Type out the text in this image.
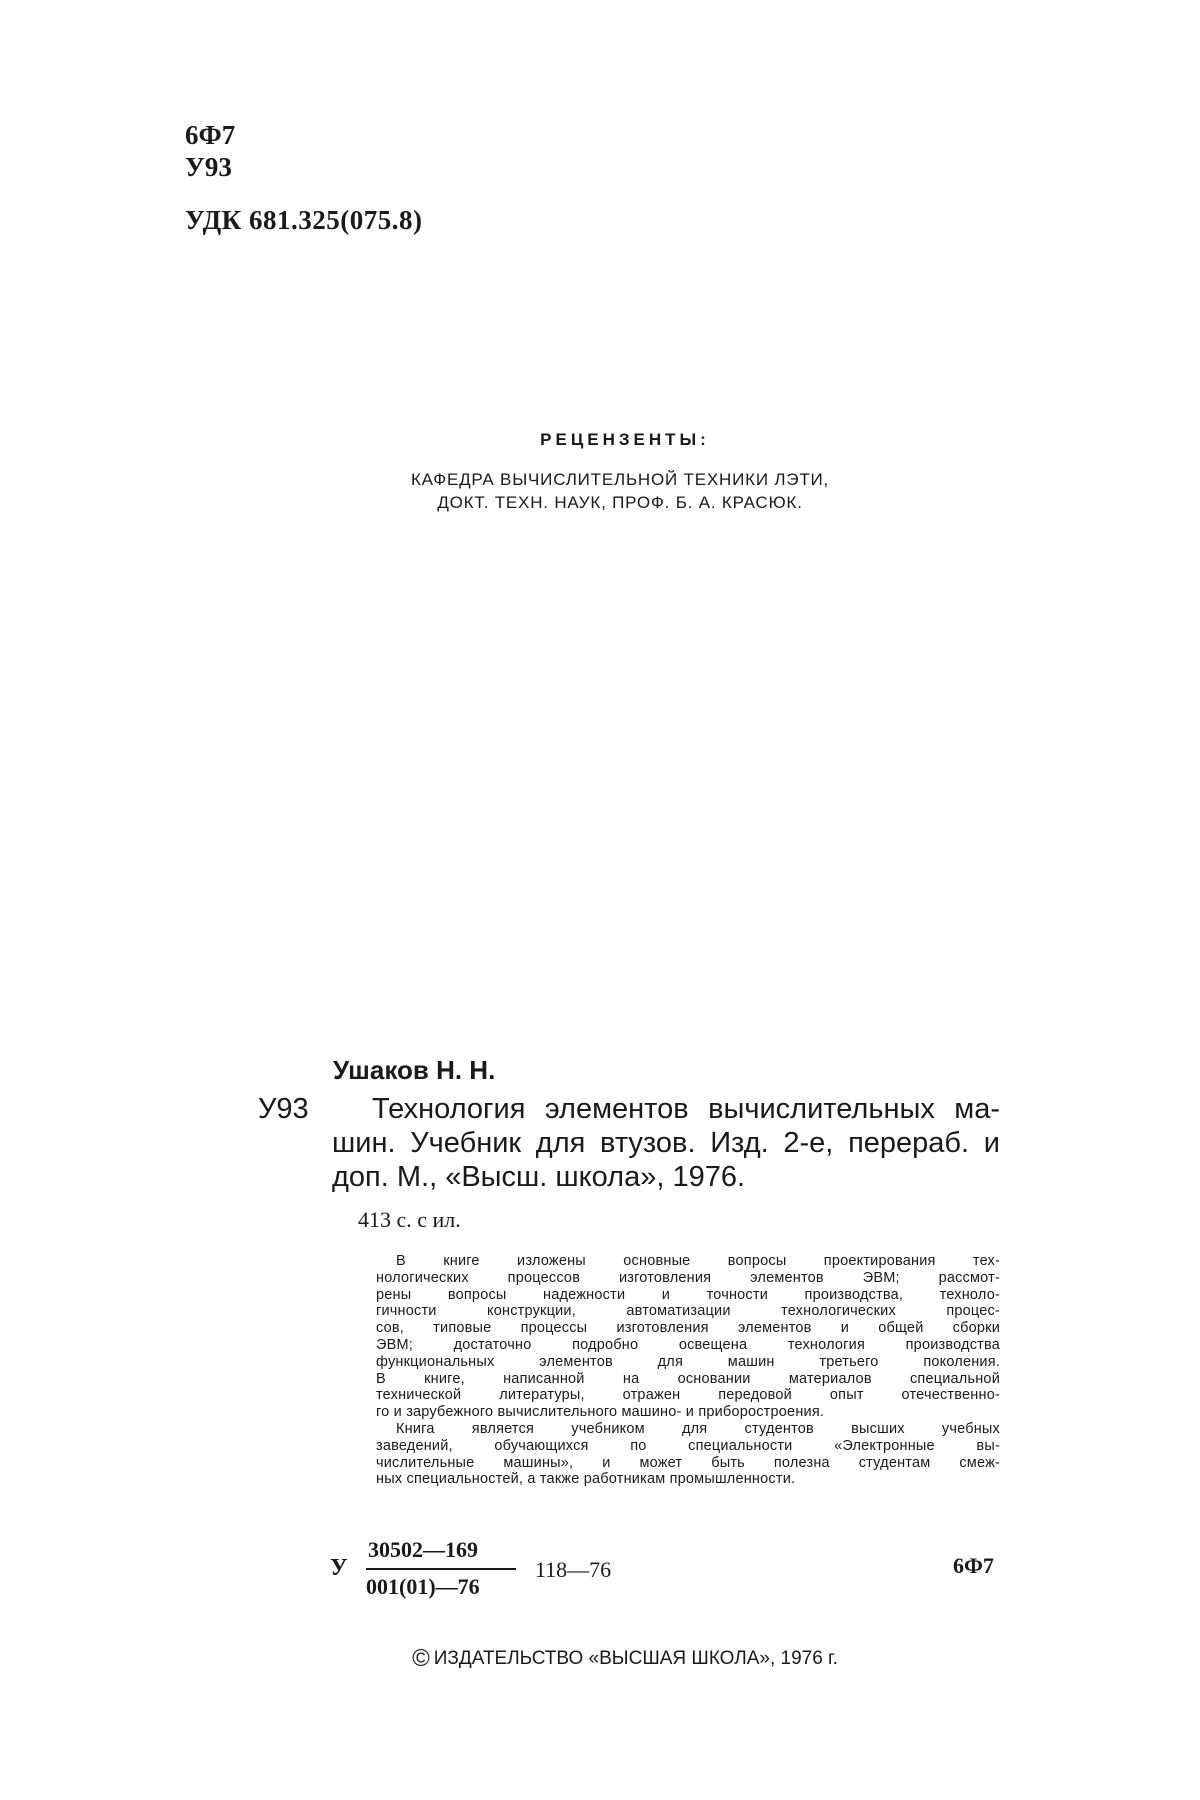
6Ф7
У93
УДК 681.325(075.8)
РЕЦЕНЗЕНТЫ:
КАФЕДРА ВЫЧИСЛИТЕЛЬНОЙ ТЕХНИКИ ЛЭТИ,
ДОКТ. ТЕХН. НАУК, ПРОФ. Б. А. КРАСЮК.
Ушаков Н. Н.
У93 Технология элементов вычислительных ма-
шин. Учебник для втузов. Изд. 2-е, перераб. и
доп. М., «Высш. школа», 1976.
413 с. с ил.
В книге изложены основные вопросы проектирования тех-
нологических процессов изготовления элементов ЭВМ; рассмот-
рены вопросы надежности и точности производства, техноло-
гичности конструкции, автоматизации технологических процес-
сов, типовые процессы изготовления элементов и общей сборки
ЭВМ; достаточно подробно освещена технология производства
функциональных элементов для машин третьего поколения.
В книге, написанной на основании материалов специальной
технической литературы, отражен передовой опыт отечественно-
го и зарубежного вычислительного машино- и приборостроения.
Книга является учебником для студентов высших учебных
заведений, обучающихся по специальности «Электронные вы-
числительные машины», и может быть полезна студентам смеж-
ных специальностей, а также работникам промышленности.
У
30502—169
001(01)—76
118—76	6Ф7
© ИЗДАТЕЛЬСТВО «ВЫСШАЯ ШКОЛА», 1976 г.
